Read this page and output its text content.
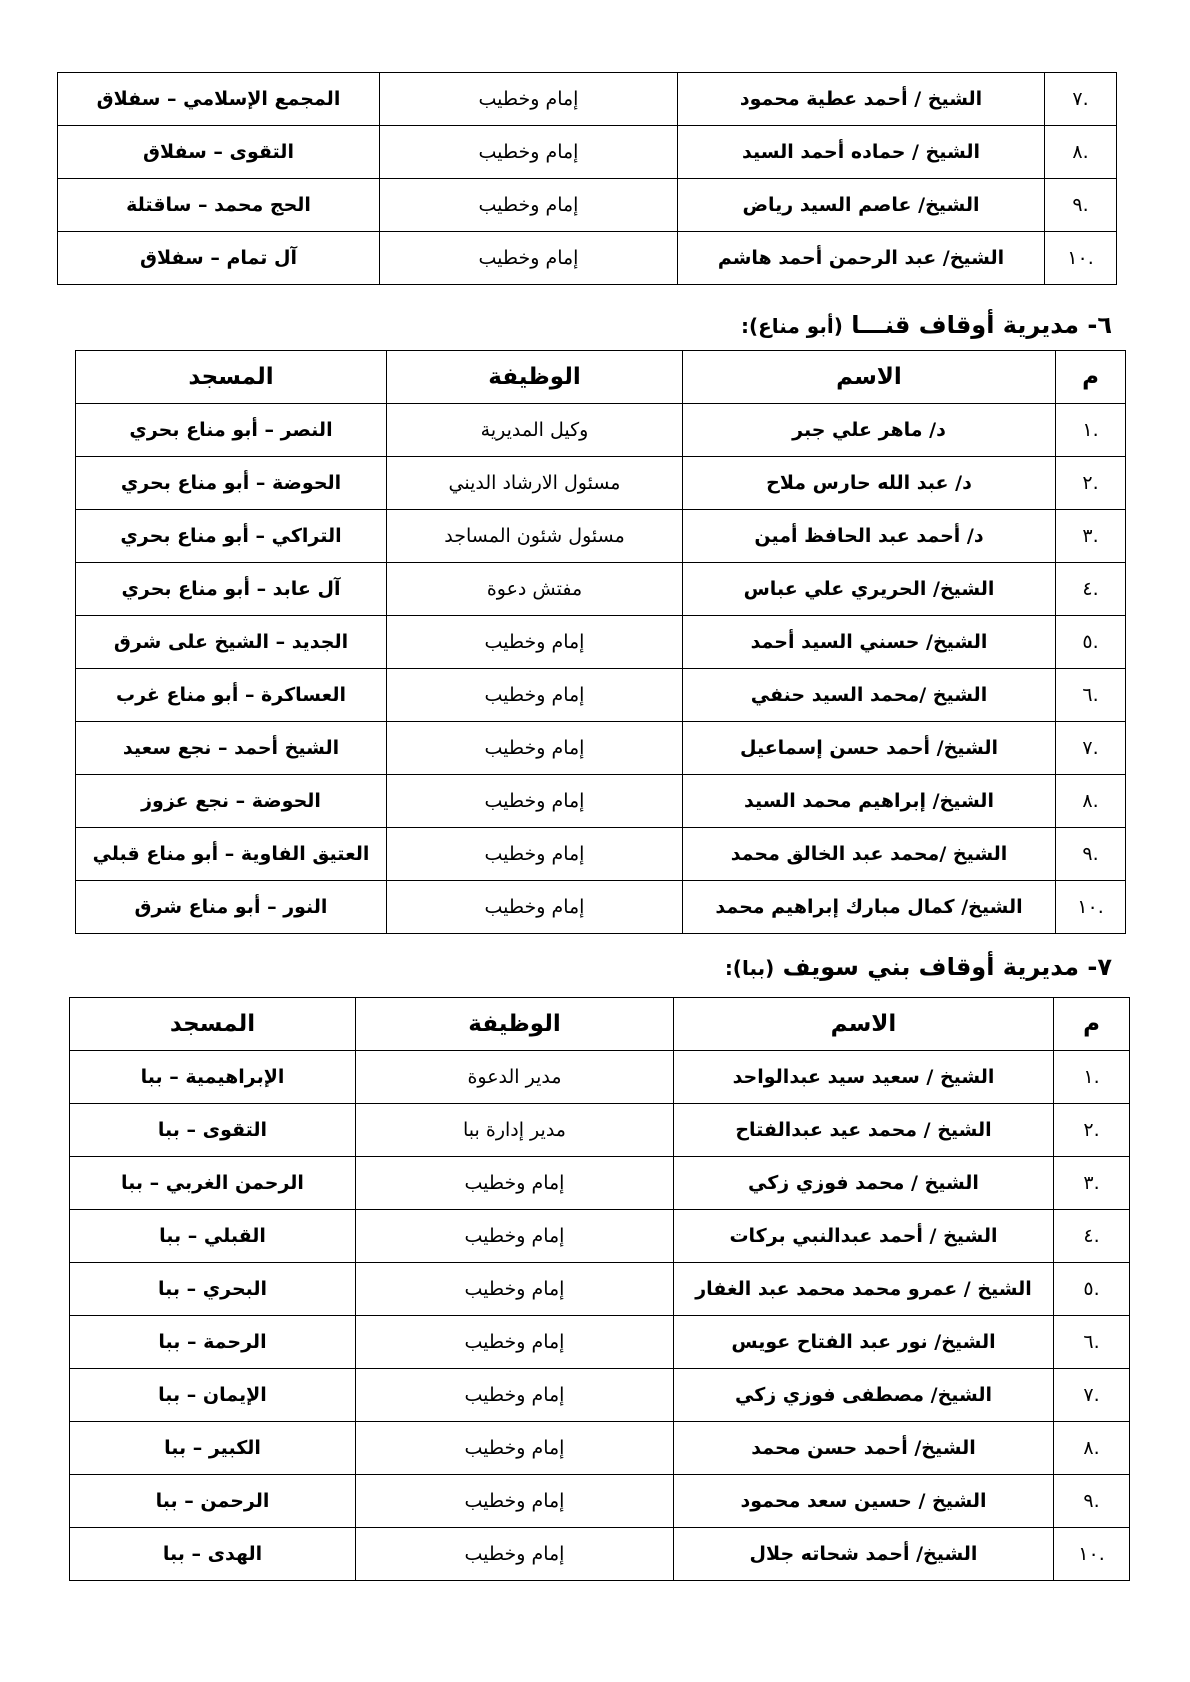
.٧	الشيخ / أحمد عطية محمود	إمام وخطيب	المجمع الإسلامي – سفلاق
.٨	الشيخ / حماده أحمد السيد	إمام وخطيب	التقوى – سفلاق
.٩	الشيخ/ عاصم السيد رياض	إمام وخطيب	الحج محمد – ساقتلة
.١٠	الشيخ/ عبد الرحمن أحمد هاشم	إمام وخطيب	آل تمام – سفلاق
٦- مديرية أوقاف قنـــا (أبو مناع):
م	الاسم	الوظيفة	المسجد
.١	د/ ماهر علي جبر	وكيل المديرية	النصر – أبو مناع بحري
.٢	د/ عبد الله حارس ملاح	مسئول الارشاد الديني	الحوضة – أبو مناع بحري
.٣	د/ أحمد عبد الحافظ أمين	مسئول شئون المساجد	التراكي – أبو مناع بحري
.٤	الشيخ/ الحريري علي عباس	مفتش دعوة	آل عابد – أبو مناع بحري
.٥	الشيخ/ حسني السيد أحمد	إمام وخطيب	الجديد – الشيخ على شرق
.٦	الشيخ /محمد السيد حنفي	إمام وخطيب	العساكرة – أبو مناع غرب
.٧	الشيخ/ أحمد حسن إسماعيل	إمام وخطيب	الشيخ أحمد – نجع سعيد
.٨	الشيخ/ إبراهيم محمد السيد	إمام وخطيب	الحوضة – نجع عزوز
.٩	الشيخ /محمد عبد الخالق محمد	إمام وخطيب	العتيق الفاوية – أبو مناع قبلي
.١٠	الشيخ/ كمال مبارك إبراهيم محمد	إمام وخطيب	النور – أبو مناع شرق
٧- مديرية أوقاف بني سويف (ببا):
م	الاسم	الوظيفة	المسجد
.١	الشيخ / سعيد سيد عبدالواحد	مدير الدعوة	الإبراهيمية – ببا
.٢	الشيخ / محمد عيد عبدالفتاح	مدير إدارة ببا	التقوى – ببا
.٣	الشيخ / محمد فوزي زكي	إمام وخطيب	الرحمن الغربي – ببا
.٤	الشيخ / أحمد عبدالنبي بركات	إمام وخطيب	القبلي – ببا
.٥	الشيخ / عمرو محمد محمد عبد الغفار	إمام وخطيب	البحري – ببا
.٦	الشيخ/ نور عبد الفتاح عويس	إمام وخطيب	الرحمة – ببا
.٧	الشيخ/ مصطفى فوزي زكي	إمام وخطيب	الإيمان – ببا
.٨	الشيخ/ أحمد حسن محمد	إمام وخطيب	الكبير – ببا
.٩	الشيخ / حسين سعد محمود	إمام وخطيب	الرحمن – ببا
.١٠	الشيخ/ أحمد شحاته جلال	إمام وخطيب	الهدى – ببا
